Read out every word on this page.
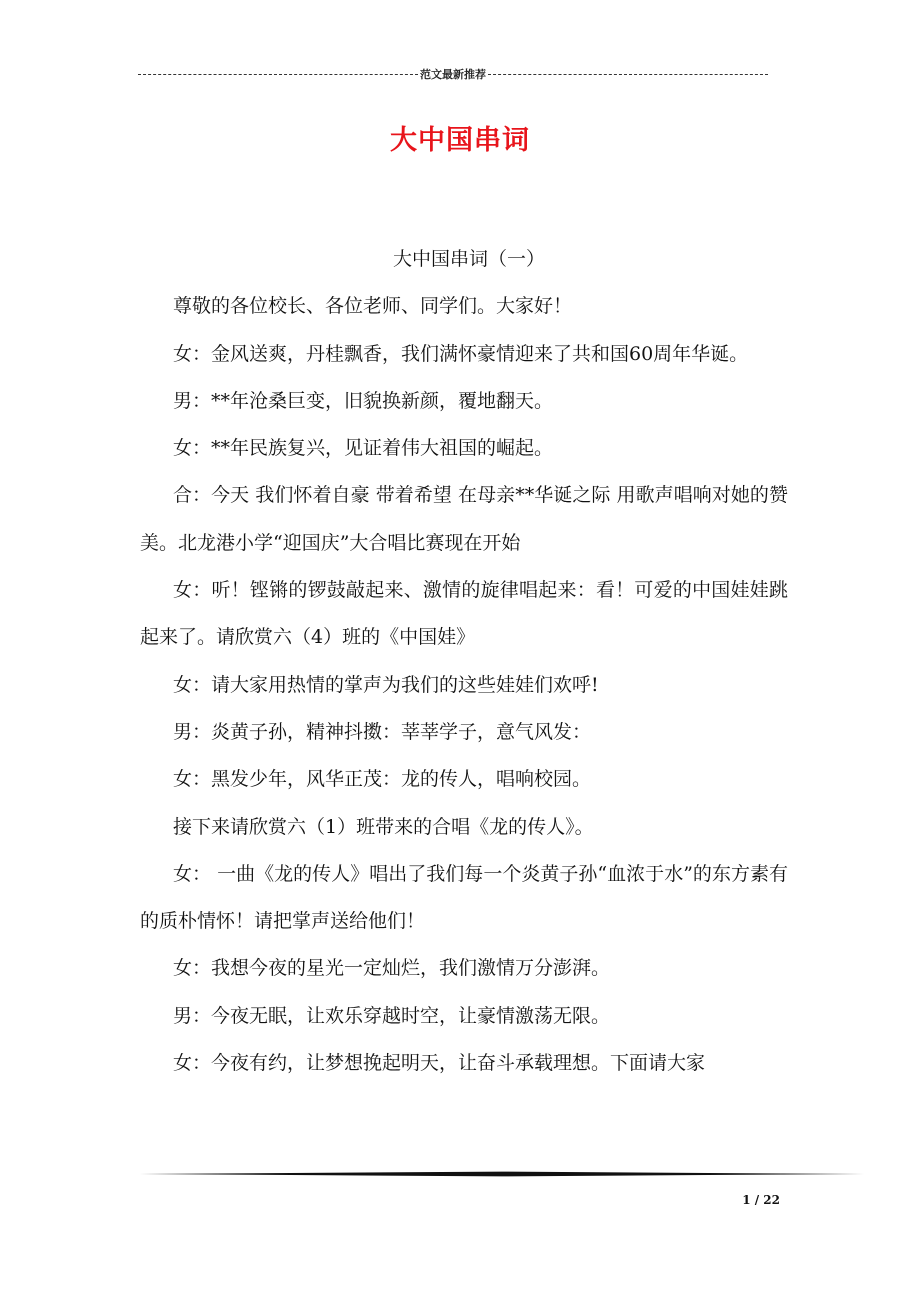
范文最新推荐
大中国串词
大中国串词（一）
尊敬的各位校长、各位老师、同学们。大家好！
女：金风送爽，丹桂飘香，我们满怀豪情迎来了共和国60周年华诞。
男：**年沧桑巨变，旧貌换新颜，覆地翻天。
女：**年民族复兴，见证着伟大祖国的崛起。
合：今天 我们怀着自豪 带着希望 在母亲**华诞之际 用歌声唱响对她的赞美。北龙港小学“迎国庆”大合唱比赛现在开始
女：听！铿锵的锣鼓敲起来、激情的旋律唱起来：看！可爱的中国娃娃跳起来了。请欣赏六（4）班的《中国娃》
女：请大家用热情的掌声为我们的这些娃娃们欢呼!
男：炎黄子孙，精神抖擞：莘莘学子，意气风发：
女：黑发少年，风华正茂：龙的传人，唱响校园。
接下来请欣赏六（1）班带来的合唱《龙的传人》。
女： 一曲《龙的传人》唱出了我们每一个炎黄子孙“血浓于水”的东方素有的质朴情怀！请把掌声送给他们！
女：我想今夜的星光一定灿烂，我们激情万分澎湃。
男：今夜无眠，让欢乐穿越时空，让豪情激荡无限。
女：今夜有约，让梦想挽起明天，让奋斗承载理想。下面请大家
1 / 22
